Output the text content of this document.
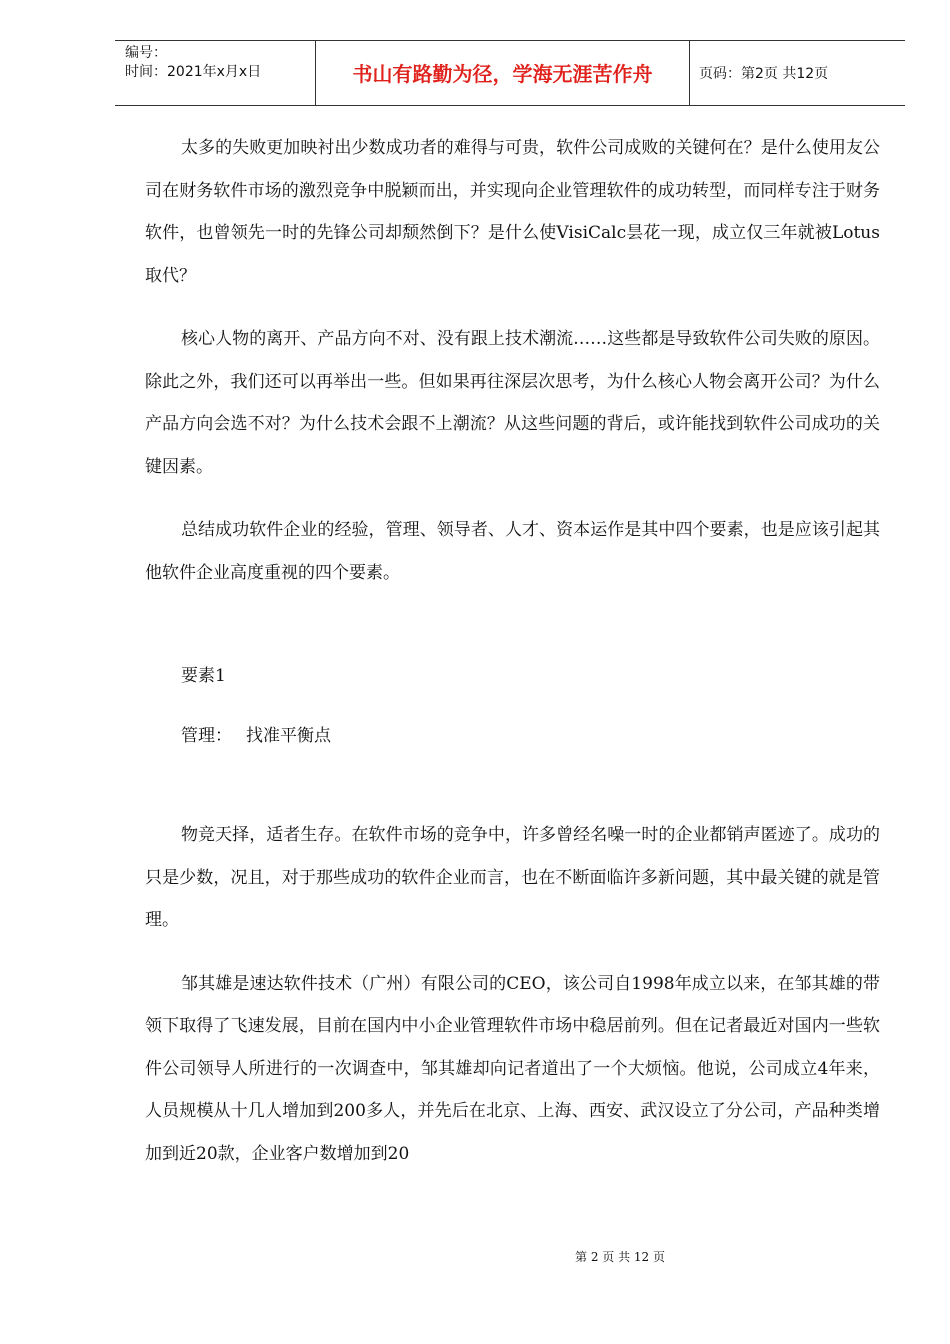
编号：
时间：2021年x月x日	书山有路勤为径，学海无涯苦作舟	页码：第2页 共12页

太多的失败更加映衬出少数成功者的难得与可贵，软件公司成败的关键何在？是什么使用友公司在财务软件市场的激烈竞争中脱颖而出，并实现向企业管理软件的成功转型，而同样专注于财务软件，也曾领先一时的先锋公司却颓然倒下？是什么使VisiCalc昙花一现，成立仅三年就被Lotus取代？

核心人物的离开、产品方向不对、没有跟上技术潮流……这些都是导致软件公司失败的原因。除此之外，我们还可以再举出一些。但如果再往深层次思考，为什么核心人物会离开公司？为什么产品方向会选不对？为什么技术会跟不上潮流？从这些问题的背后，或许能找到软件公司成功的关键因素。

总结成功软件企业的经验，管理、领导者、人才、资本运作是其中四个要素，也是应该引起其他软件企业高度重视的四个要素。

要素1
管理： 找准平衡点

物竞天择，适者生存。在软件市场的竞争中，许多曾经名噪一时的企业都销声匿迹了。成功的只是少数，况且，对于那些成功的软件企业而言，也在不断面临许多新问题，其中最关键的就是管理。

邹其雄是速达软件技术（广州）有限公司的CEO，该公司自1998年成立以来，在邹其雄的带领下取得了飞速发展，目前在国内中小企业管理软件市场中稳居前列。但在记者最近对国内一些软件公司领导人所进行的一次调查中，邹其雄却向记者道出了一个大烦恼。他说，公司成立4年来，人员规模从十几人增加到200多人，并先后在北京、上海、西安、武汉设立了分公司，产品种类增加到近20款，企业客户数增加到20

第 2 页 共 12 页
